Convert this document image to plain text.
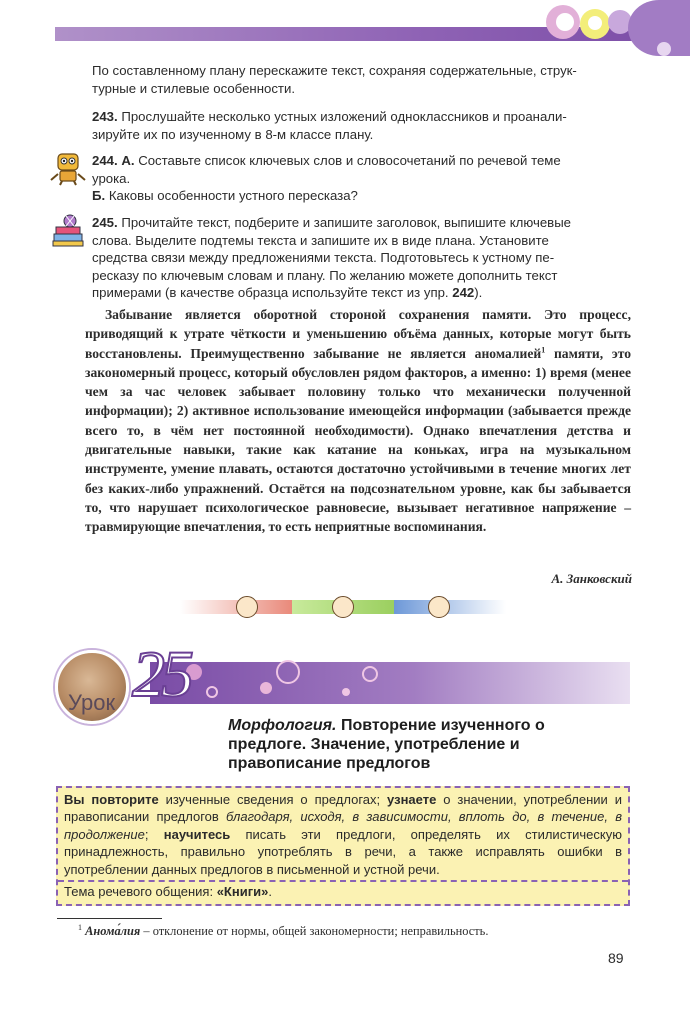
По составленному плану перескажите текст, сохраняя содержательные, струк-
турные и стилевые особенности.
243. Прослушайте несколько устных изложений одноклассников и проанали-
зируйте их по изученному в 8-м классе плану.
244. А. Составьте список ключевых слов и словосочетаний по речевой теме
урока.
Б. Каковы особенности устного пересказа?
245. Прочитайте текст, подберите и запишите заголовок, выпишите ключевые
слова. Выделите подтемы текста и запишите их в виде плана. Установите
средства связи между предложениями текста. Подготовьтесь к устному пе-
ресказу по ключевым словам и плану. По желанию можете дополнить текст
примерами (в качестве образца используйте текст из упр. 242).
Забывание является оборотной стороной сохранения памяти. Это процесс, приводящий к утрате чёткости и уменьшению объёма данных, которые могут быть восстановлены. Преимущественно забывание не является аномалией$^1$ памяти, это закономерный процесс, который обусловлен рядом факторов, а именно: 1) время (менее чем за час человек забывает половину только что механически полученной информации); 2) активное использование имеющейся информации (забывается прежде всего то, в чём нет постоянной необходимости). Однако впечатления детства и двигательные навыки, такие как катание на коньках, игра на музыкальном инструменте, умение плавать, остаются достаточно устойчивыми в течение многих лет без каких-либо упражнений. Остаётся на подсознательном уровне, как бы забывается то, что нарушает психологическое равновесие, вызывает негативное напряжение – травмирующие впечатления, то есть неприятные воспоминания.
А. Занковский
Урок 25
Морфология. Повторение изученного о предлоге. Значение, употребление и правописание предлогов
Вы повторите изученные сведения о предлогах; узнаете о значении, употреблении и правописании предлогов благодаря, исходя, в зависимости, вплоть до, в течение, в продолжение; научитесь писать эти предлоги, определять их стилистическую принадлежность, правильно употреблять в речи, а также исправлять ошибки в употреблении данных предлогов в письменной и устной речи.
Тема речевого общения: «Книги».
$^1$ Анома́лия – отклонение от нормы, общей закономерности; неправильность.
89
